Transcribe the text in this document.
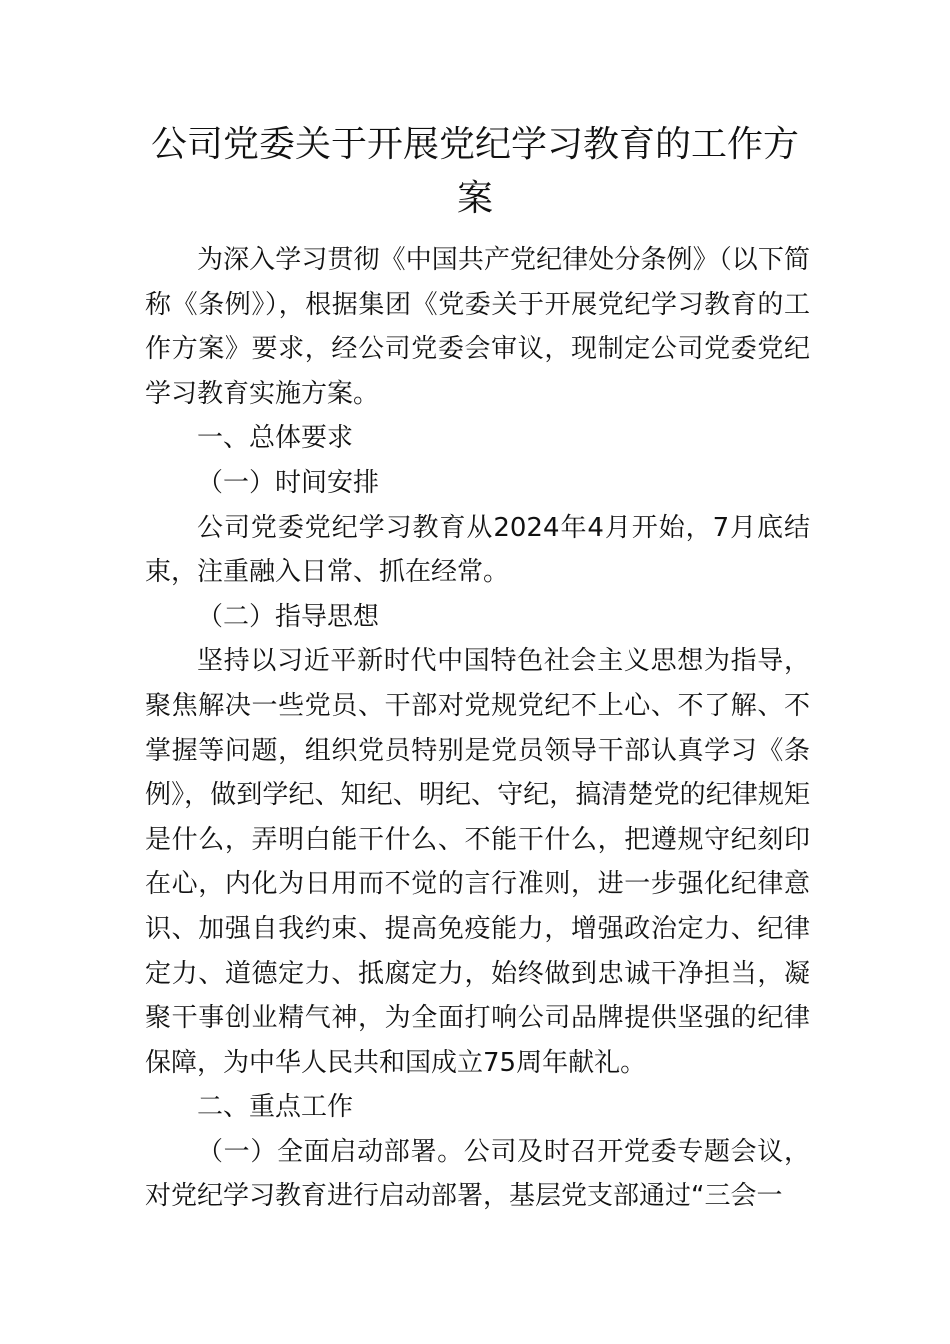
公司党委关于开展党纪学习教育的工作方案

为深入学习贯彻《中国共产党纪律处分条例》（以下简称《条例》），根据集团《党委关于开展党纪学习教育的工作方案》要求，经公司党委会审议，现制定公司党委党纪学习教育实施方案。

一、总体要求

（一）时间安排

公司党委党纪学习教育从2024年4月开始，7月底结束，注重融入日常、抓在经常。

（二）指导思想

坚持以习近平新时代中国特色社会主义思想为指导，聚焦解决一些党员、干部对党规党纪不上心、不了解、不掌握等问题，组织党员特别是党员领导干部认真学习《条例》，做到学纪、知纪、明纪、守纪，搞清楚党的纪律规矩是什么，弄明白能干什么、不能干什么，把遵规守纪刻印在心，内化为日用而不觉的言行准则，进一步强化纪律意识、加强自我约束、提高免疫能力，增强政治定力、纪律定力、道德定力、抵腐定力，始终做到忠诚干净担当，凝聚干事创业精气神，为全面打响公司品牌提供坚强的纪律保障，为中华人民共和国成立75周年献礼。

二、重点工作

（一）全面启动部署。公司及时召开党委专题会议，对党纪学习教育进行启动部署，基层党支部通过“三会一
